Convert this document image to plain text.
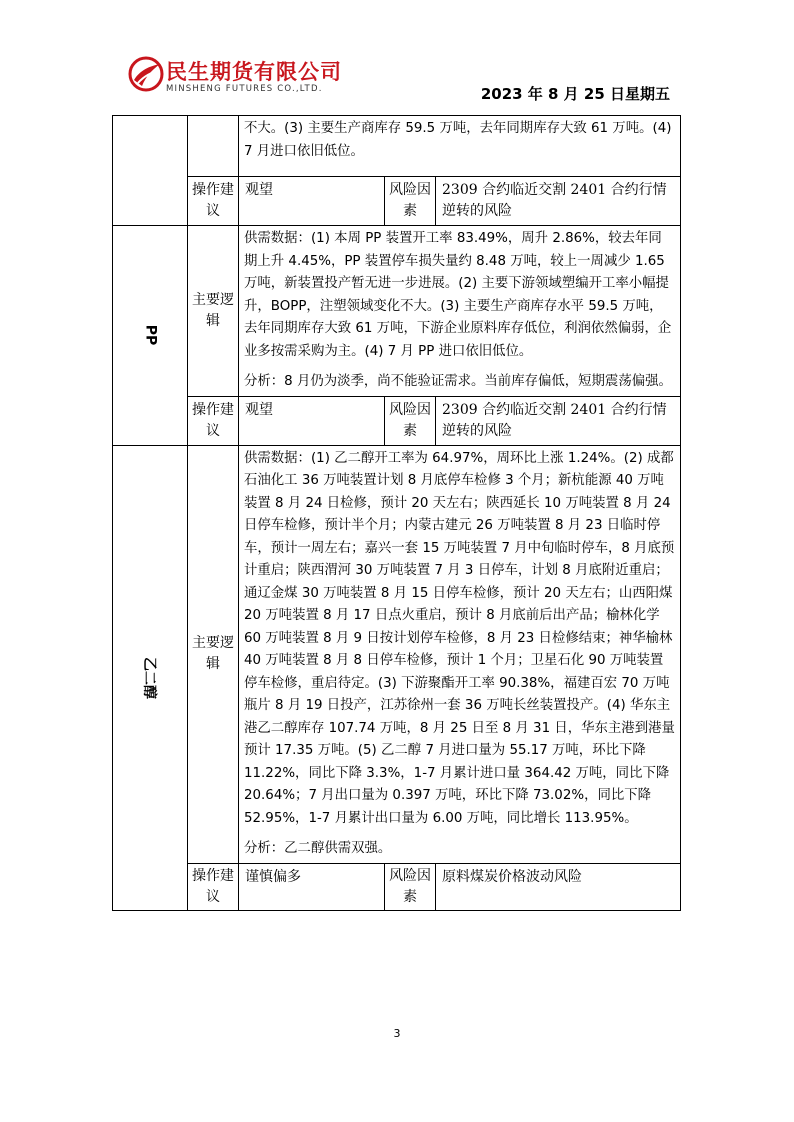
民生期货有限公司
MINSHENG FUTURES CO.,LTD.	2023 年 8 月 25 日星期五

		不大。(3) 主要生产商库存 59.5 万吨，去年同期库存大致 61 万吨。(4) 7 月进口依旧低位。		

	操作建议	观望	风险因素	2309 合约临近交割 2401 合约行情逆转的风险
PP	主要逻辑	供需数据：(1) 本周 PP 装置开工率 83.49%，周升 2.86%，较去年同期上升 4.45%，PP 装置停车损失量约 8.48 万吨，较上一周减少 1.65 万吨，新装置投产暂无进一步进展。(2) 主要下游领域塑编开工率小幅提升，BOPP，注塑领域变化不大。(3) 主要生产商库存水平 59.5 万吨，去年同期库存大致 61 万吨，下游企业原料库存低位，利润依然偏弱，企业多按需采购为主。(4) 7 月 PP 进口依旧低位。

分析：8 月仍为淡季，尚不能验证需求。当前库存偏低，短期震荡偏强。		

	操作建议	观望	风险因素	2309 合约临近交割 2401 合约行情逆转的风险
乙二醇	主要逻辑	供需数据：(1) 乙二醇开工率为 64.97%，周环比上涨 1.24%。(2) 成都石油化工 36 万吨装置计划 8 月底停车检修 3 个月；新杭能源 40 万吨装置 8 月 24 日检修，预计 20 天左右；陕西延长 10 万吨装置 8 月 24 日停车检修，预计半个月；内蒙古建元 26 万吨装置 8 月 23 日临时停车，预计一周左右；嘉兴一套 15 万吨装置 7 月中旬临时停车，8 月底预计重启；陕西渭河 30 万吨装置 7 月 3 日停车，计划 8 月底附近重启；通辽金煤 30 万吨装置 8 月 15 日停车检修，预计 20 天左右；山西阳煤 20 万吨装置 8 月 17 日点火重启，预计 8 月底前后出产品；榆林化学 60 万吨装置 8 月 9 日按计划停车检修，8 月 23 日检修结束；神华榆林 40 万吨装置 8 月 8 日停车检修，预计 1 个月；卫星石化 90 万吨装置停车检修，重启待定。(3) 下游聚酯开工率 90.38%，福建百宏 70 万吨瓶片 8 月 19 日投产，江苏徐州一套 36 万吨长丝装置投产。(4) 华东主港乙二醇库存 107.74 万吨，8 月 25 日至 8 月 31 日，华东主港到港量预计 17.35 万吨。(5) 乙二醇 7 月进口量为 55.17 万吨，环比下降 11.22%，同比下降 3.3%，1-7 月累计进口量 364.42 万吨，同比下降 20.64%；7 月出口量为 0.397 万吨，环比下降 73.02%，同比下降 52.95%，1-7 月累计出口量为 6.00 万吨，同比增长 113.95%。

分析：乙二醇供需双强。		

	操作建议	谨慎偏多	风险因素	原料煤炭价格波动风险
3
